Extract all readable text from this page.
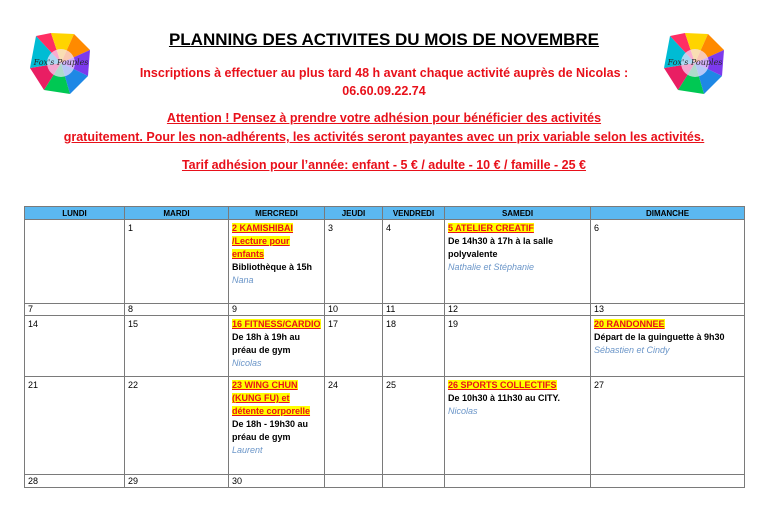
Fox's Pouples	Fox's Pouples
PLANNING DES ACTIVITES DU MOIS DE NOVEMBRE
Inscriptions à effectuer au plus tard 48 h avant chaque activité auprès de Nicolas :
06.60.09.22.74
Attention ! Pensez à prendre votre adhésion pour bénéficier des activités
gratuitement. Pour les non-adhérents, les activités seront payantes avec un prix variable selon les activités.
Tarif adhésion pour l’année: enfant - 5 € / adulte - 10 € / famille - 25 €
LUNDI	MARDI	MERCREDI	JEUDI	VENDREDI	SAMEDI	DIMANCHE

	1	2 KAMISHIBAI /Lecture pour enfants
Bibliothèque à 15h
Nana	3	4	5 ATELIER CREATIF
De 14h30 à 17h à la salle polyvalente
Nathalie et Stéphanie	6

7	8	9	10	11	12	13

14	15	16 FITNESS/CARDIO
De 18h à 19h au préau de gym
Nicolas	17	18	19	20 RANDONNEE
Départ de la guinguette à 9h30
Sébastien et Cindy

21	22	23 WING CHUN (KUNG FU) et détente corporelle
De 18h - 19h30 au préau de gym
Laurent	24	25	26 SPORTS COLLECTIFS
De 10h30 à 11h30 au CITY.
Nicolas	27

28	29	30				
